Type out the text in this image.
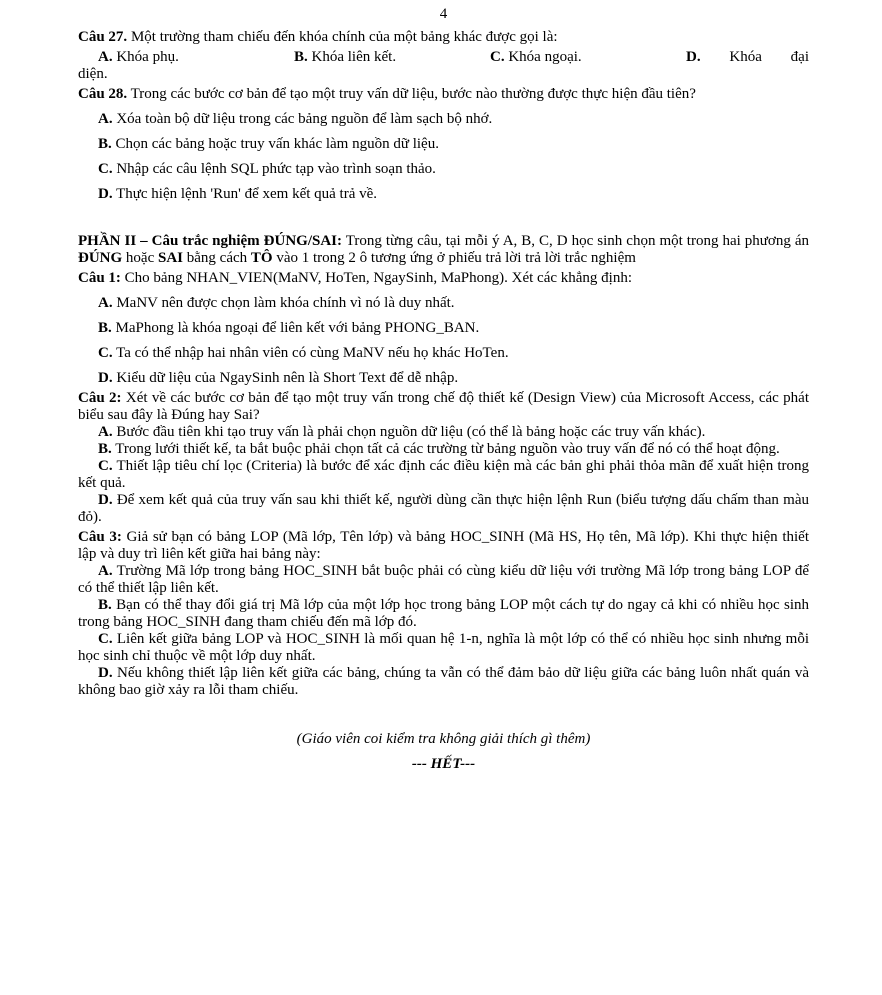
4

Câu 27. Một trường tham chiếu đến khóa chính của một bảng khác được gọi là:

A. Khóa phụ.	B. Khóa liên kết.	C. Khóa ngoại.	D. Khóa đại

diện.

Câu 28. Trong các bước cơ bản để tạo một truy vấn dữ liệu, bước nào thường được thực hiện đầu tiên?

A. Xóa toàn bộ dữ liệu trong các bảng nguồn để làm sạch bộ nhớ.

B. Chọn các bảng hoặc truy vấn khác làm nguồn dữ liệu.

C. Nhập các câu lệnh SQL phức tạp vào trình soạn thảo.

D. Thực hiện lệnh 'Run' để xem kết quả trả về.

PHẦN II – Câu trắc nghiệm ĐÚNG/SAI: Trong từng câu, tại mỗi ý A, B, C, D học sinh chọn một trong hai phương án ĐÚNG hoặc SAI bằng cách TÔ vào 1 trong 2 ô tương ứng ở phiếu trả lời trả lời trắc nghiệm

Câu 1: Cho bảng NHAN_VIEN(MaNV, HoTen, NgaySinh, MaPhong). Xét các khẳng định:

A. MaNV nên được chọn làm khóa chính vì nó là duy nhất.

B. MaPhong là khóa ngoại để liên kết với bảng PHONG_BAN.

C. Ta có thể nhập hai nhân viên có cùng MaNV nếu họ khác HoTen.

D. Kiểu dữ liệu của NgaySinh nên là Short Text để dễ nhập.

Câu 2: Xét về các bước cơ bản để tạo một truy vấn trong chế độ thiết kế (Design View) của Microsoft Access, các phát biểu sau đây là Đúng hay Sai?

A. Bước đầu tiên khi tạo truy vấn là phải chọn nguồn dữ liệu (có thể là bảng hoặc các truy vấn khác).

B. Trong lưới thiết kế, ta bắt buộc phải chọn tất cả các trường từ bảng nguồn vào truy vấn để nó có thể hoạt động.

C. Thiết lập tiêu chí lọc (Criteria) là bước để xác định các điều kiện mà các bản ghi phải thỏa mãn để xuất hiện trong kết quả.

D. Để xem kết quả của truy vấn sau khi thiết kế, người dùng cần thực hiện lệnh Run (biểu tượng dấu chấm than màu đỏ).

Câu 3: Giả sử bạn có bảng LOP (Mã lớp, Tên lớp) và bảng HOC_SINH (Mã HS, Họ tên, Mã lớp). Khi thực hiện thiết lập và duy trì liên kết giữa hai bảng này:

A. Trường Mã lớp trong bảng HOC_SINH bắt buộc phải có cùng kiểu dữ liệu với trường Mã lớp trong bảng LOP để có thể thiết lập liên kết.

B. Bạn có thể thay đổi giá trị Mã lớp của một lớp học trong bảng LOP một cách tự do ngay cả khi có nhiều học sinh trong bảng HOC_SINH đang tham chiếu đến mã lớp đó.

C. Liên kết giữa bảng LOP và HOC_SINH là mối quan hệ 1-n, nghĩa là một lớp có thể có nhiều học sinh nhưng mỗi học sinh chỉ thuộc về một lớp duy nhất.

D. Nếu không thiết lập liên kết giữa các bảng, chúng ta vẫn có thể đảm bảo dữ liệu giữa các bảng luôn nhất quán và không bao giờ xảy ra lỗi tham chiếu.

(Giáo viên coi kiểm tra không giải thích gì thêm)

--- HẾT---
